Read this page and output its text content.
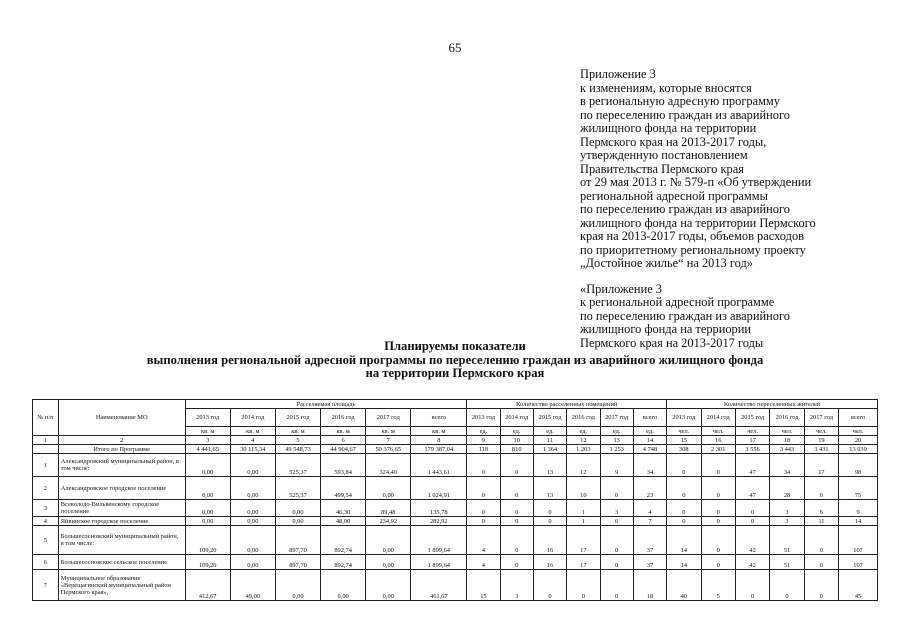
65
Приложение 3
к изменениям, которые вносятся
в региональную адресную программу
по переселению граждан из аварийного
жилищного фонда на территории
Пермского края на 2013-2017 годы,
утвержденную постановлением
Правительства Пермского края
от 29 мая 2013 г. № 579-п «Об утверждении
региональной адресной программы
по переселению граждан из аварийного
жилищного фонда на территории Пермского
края на 2013-2017 годы, объемов расходов
по приоритетному региональному проекту
„Достойное жилье“ на 2013 год»
«Приложение 3
к региональной адресной программе
по переселению граждан из аварийного
жилищного фонда на терриории
Пермского края на 2013-2017 годы
Планируемы показатели
выполнения региональной адресной программы по переселению граждан из аварийного жилищного фонда
на территории Пермского края
№ п/п	Наименование МО	Расселяемая площадь						Количество расселенных помещений						Количество переселенных жителей					
		2013 год	2014 год	2015 год	2016 год	2017 год	всего	2013 год	2014 год	2015 год	2016 год	2017 год	всего	2013 год	2014 год	2015 год	2016 год	2017 год	всего
		кв. м	кв. м	кв. м	кв. м	кв. м	кв. м	ед.	ед.	ед.	ед.	ед.	ед.	чел.	чел.	чел.	чел.	чел.	чел.
1	2	3	4	5	6	7	8	9	10	11	12	13	14	15	16	17	18	19	20
	Итого по Программе	4 441,65	30 115,34	49 548,73	44 904,67	50 376,65	179 387,04	118	810	1 364	1 203	1 253	4 748	308	2 301	3 556	3 443	3 431	13 039
1	Александровский муниципальный район, в том числе:	0,00	0,00	525,37	593,84	324,40	1 443,61	0	0	13	12	9	34	0	0	47	34	17	98
2	Александровское городское поселение	0,00	0,00	525,37	499,54	0,00	1 024,91	0	0	13	10	0	23	0	0	47	28	0	75
3	Всеволодо-Вильвенскому городское поселение	0,00	0,00	0,00	46,30	89,48	135,78	0	0	0	1	3	4	0	0	0	3	6	9
4	Яйвинское городское поселение	0,00	0,00	0,00	48,00	234,92	282,92	0	0	0	1	6	7	0	0	0	3	11	14
5	Большесосновский муниципальный район, в том числе:	109,20	0,00	897,70	892,74	0,00	1 899,64	4	0	16	17	0	37	14	0	42	51	0	107
6	Большесосновское сельское поселение	109,20	0,00	897,70	892,74	0,00	1 899,64	4	0	16	17	0	37	14	0	42	51	0	107
7	Муниципальное образование «Верещагинский муниципальный район Пермского края»,	412,67	49,00	0,00	0,00	0,00	461,67	15	3	0	0	0	18	40	5	0	0	0	45
